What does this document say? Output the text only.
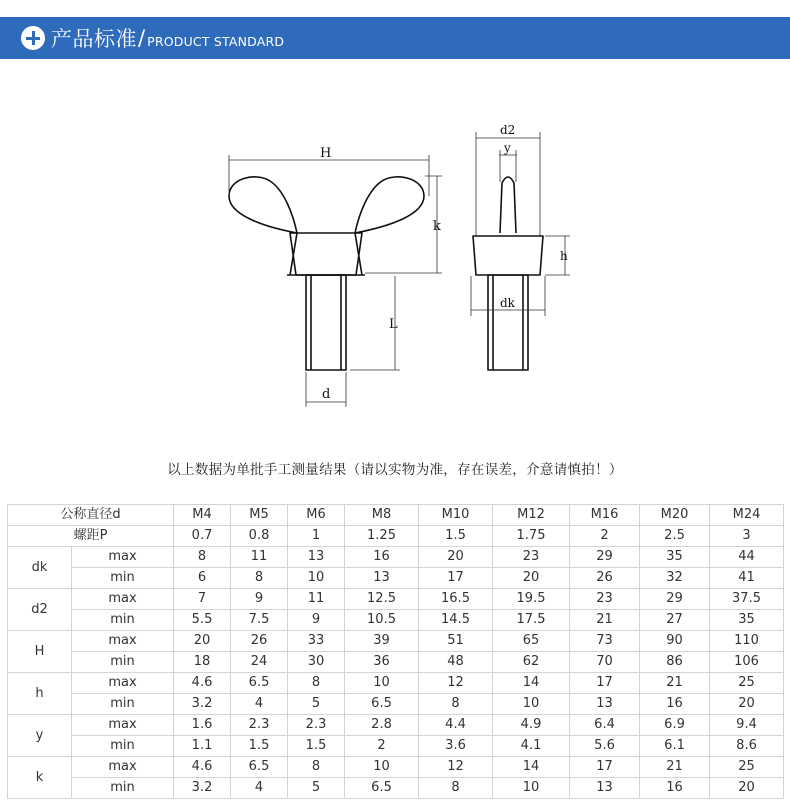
产品标准 / PRODUCT STANDARD
H
k
L
d
d2
y
h
dk
以上数据为单批手工测量结果（请以实物为准，存在误差，介意请慎拍！）
公称直径d		M4	M5	M6	M8	M10	M12	M16	M20	M24
螺距P		0.7	0.8	1	1.25	1.5	1.75	2	2.5	3
dk	max	8	11	13	16	20	23	29	35	44
	min	6	8	10	13	17	20	26	32	41
d2	max	7	9	11	12.5	16.5	19.5	23	29	37.5
	min	5.5	7.5	9	10.5	14.5	17.5	21	27	35
H	max	20	26	33	39	51	65	73	90	110
	min	18	24	30	36	48	62	70	86	106
h	max	4.6	6.5	8	10	12	14	17	21	25
	min	3.2	4	5	6.5	8	10	13	16	20
y	max	1.6	2.3	2.3	2.8	4.4	4.9	6.4	6.9	9.4
	min	1.1	1.5	1.5	2	3.6	4.1	5.6	6.1	8.6
k	max	4.6	6.5	8	10	12	14	17	21	25
	min	3.2	4	5	6.5	8	10	13	16	20
